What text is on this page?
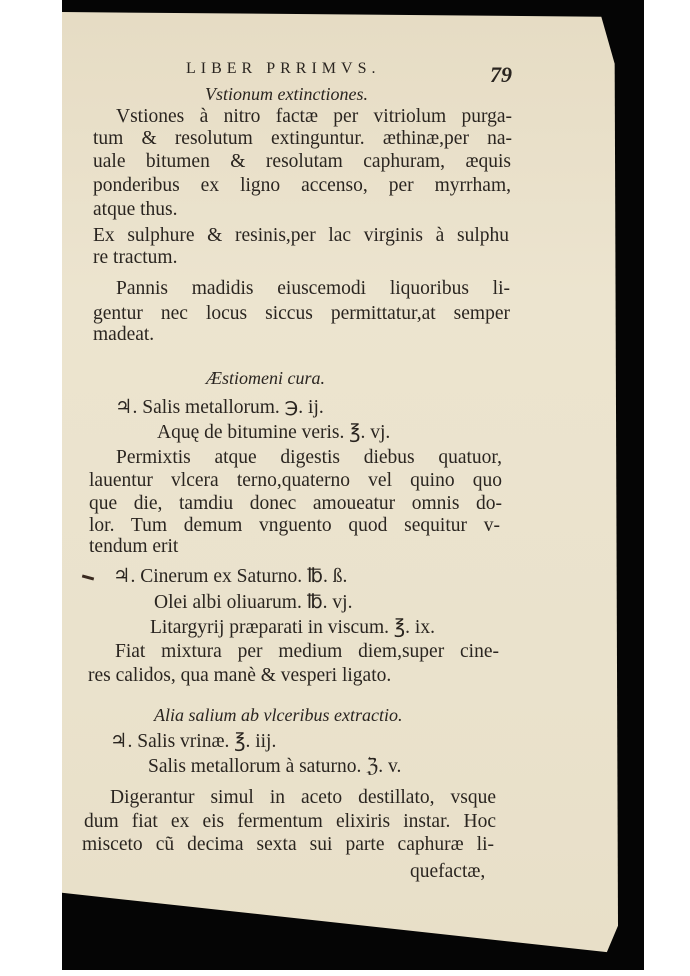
LIBER PRRIMVS.	79
Vstionum extinctiones.
Vstiones à nitro factæ per vitriolum purga-
tum & resolutum extinguntur. æthinæ,per na-
uale bitumen & resolutam caphuram, æquis
ponderibus ex ligno accenso, per myrrham,
atque thus.
Ex sulphure & resinis,per lac virginis à sulphu
re tractum.
Pannis madidis eiuscemodi liquoribus li-
gentur nec locus siccus permittatur,at semper
madeat.
Æstiomeni cura.
♃. Salis metallorum. ℈. ij.
Aquę de bitumine veris. ℥. vj.
Permixtis atque digestis diebus quatuor,
lauentur vlcera terno,quaterno vel quino quo
que die, tamdiu donec amoueatur omnis do-
lor. Tum demum vnguento quod sequitur v-
tendum erit
♃. Cinerum ex Saturno. ℔. ß.
Olei albi oliuarum. ℔. vj.
Litargyrij præparati in viscum. ℥. ix.
Fiat mixtura per medium diem,super cine-
res calidos, qua manè & vesperi ligato.
Alia salium ab vlceribus extractio.
♃. Salis vrinæ. ℥. iij.
Salis metallorum à saturno. ℨ. v.
Digerantur simul in aceto destillato, vsque
dum fiat ex eis fermentum elixiris instar. Hoc
misceto cũ decima sexta sui parte caphuræ li-
quefactæ,
